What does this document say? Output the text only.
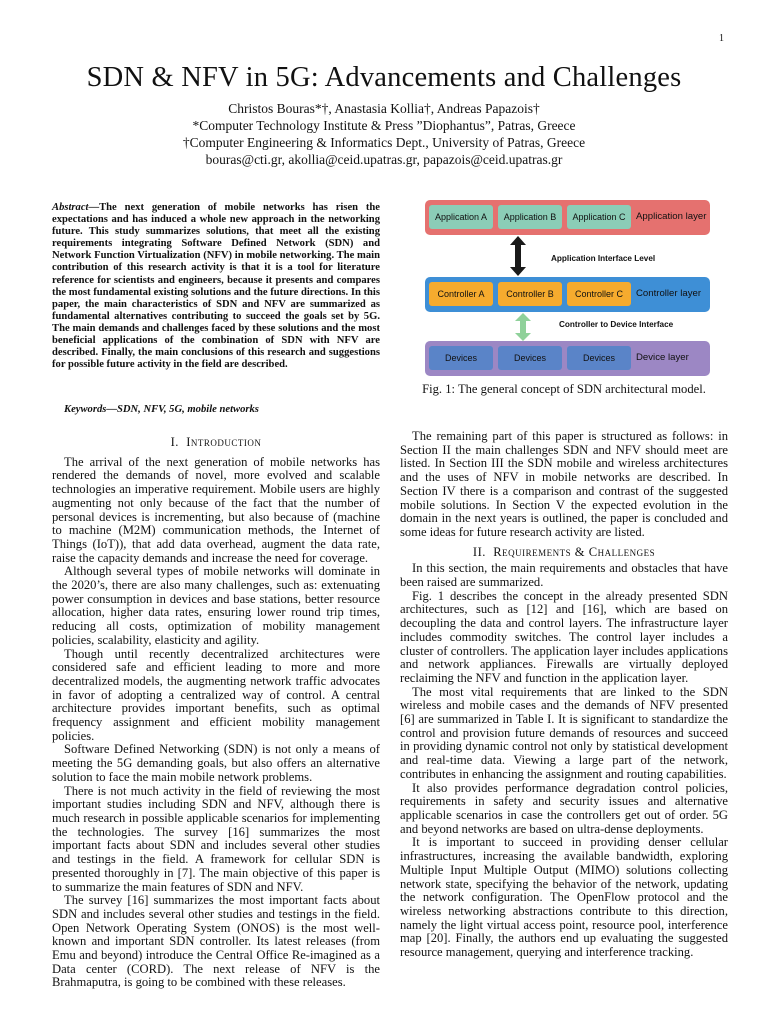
1
SDN & NFV in 5G: Advancements and Challenges
Christos Bouras*†, Anastasia Kollia†, Andreas Papazois†
*Computer Technology Institute & Press ”Diophantus”, Patras, Greece
†Computer Engineering & Informatics Dept., University of Patras, Greece
bouras@cti.gr, akollia@ceid.upatras.gr, papazois@ceid.upatras.gr
Abstract—The next generation of mobile networks has risen the expectations and has induced a whole new approach in the networking future. This study summarizes solutions, that meet all the existing requirements integrating Software Defined Network (SDN) and Network Function Virtualization (NFV) in mobile networking. The main contribution of this research activity is that it is a tool for literature reference for scientists and engineers, because it presents and compares the most fundamental existing solutions and the future directions. In this paper, the main characteristics of SDN and NFV are summarized as fundamental alternatives contributing to succeed the goals set by 5G. The main demands and challenges faced by these solutions and the most beneficial applications of the combination of SDN with NFV are described. Finally, the main conclusions of this research and suggestions for possible future activity in the field are described.
Keywords—SDN, NFV, 5G, mobile networks
Application A	Application B	Application C	Application layer
Application Interface Level
Controller A	Controller B	Controller C	Controller layer
Controller to Device Interface
Devices	Devices	Devices	Device layer
Fig. 1: The general concept of SDN architectural model.
I. Introduction

The arrival of the next generation of mobile networks has rendered the demands of novel, more evolved and scalable technologies an imperative requirement. Mobile users are highly augmenting not only because of the fact that the number of personal devices is incrementing, but also because of (machine to machine (M2M) communication methods, the Internet of Things (IoT)), that add data overhead, augment the data rate, raise the capacity demands and increase the need for coverage.

Although several types of mobile networks will dominate in the 2020’s, there are also many challenges, such as: extenuating power consumption in devices and base stations, better resource allocation, higher data rates, ensuring lower round trip times, reducing all costs, optimization of mobility management policies, scalability, elasticity and agility.

Though until recently decentralized architectures were considered safe and efficient leading to more and more decentralized models, the augmenting network traffic advocates in favor of adopting a centralized way of control. A central architecture provides important benefits, such as optimal frequency assignment and efficient mobility management policies.

Software Defined Networking (SDN) is not only a means of meeting the 5G demanding goals, but also offers an alternative solution to face the main mobile network problems.

There is not much activity in the field of reviewing the most important studies including SDN and NFV, although there is much research in possible applicable scenarios for implementing the technologies. The survey [16] summarizes the most important facts about SDN and includes several other studies and testings in the field. A framework for cellular SDN is presented thoroughly in [7]. The main objective of this paper is to summarize the main features of SDN and NFV.

The survey [16] summarizes the most important facts about SDN and includes several other studies and testings in the field. Open Network Operating System (ONOS) is the most well-known and important SDN controller. Its latest releases (from Emu and beyond) introduce the Central Office Re-imagined as a Data center (CORD). The next release of NFV is the Brahmaputra, is going to be combined with these releases.

The remaining part of this paper is structured as follows: in Section II the main challenges SDN and NFV should meet are listed. In Section III the SDN mobile and wireless architectures and the uses of NFV in mobile networks are described. In Section IV there is a comparison and contrast of the suggested mobile solutions. In Section V the expected evolution in the domain in the next years is outlined, the paper is concluded and some ideas for future research activity are listed.

II. Requirements & Challenges

In this section, the main requirements and obstacles that have been raised are summarized.

Fig. 1 describes the concept in the already presented SDN architectures, such as [12] and [16], which are based on decoupling the data and control layers. The infrastructure layer includes commodity switches. The control layer includes a cluster of controllers. The application layer includes applications and network appliances. Firewalls are virtually deployed reclaiming the NFV and function in the application layer.

The most vital requirements that are linked to the SDN wireless and mobile cases and the demands of NFV presented [6] are summarized in Table I. It is significant to standardize the control and provision future demands of resources and succeed in providing dynamic control not only by statistical development and real-time data. Viewing a large part of the network, contributes in enhancing the assignment and routing capabilities.

It also provides performance degradation control policies, requirements in safety and security issues and alternative applicable scenarios in case the controllers get out of order. 5G and beyond networks are based on ultra-dense deployments.

It is important to succeed in providing denser cellular infrastructures, increasing the available bandwidth, exploring Multiple Input Multiple Output (MIMO) solutions collecting network state, specifying the behavior of the network, updating the network configuration. The OpenFlow protocol and the wireless networking abstractions contribute to this direction, namely the light virtual access point, resource pool, interference map [20]. Finally, the authors end up evaluating the suggested resource management, querying and interference tracking.
